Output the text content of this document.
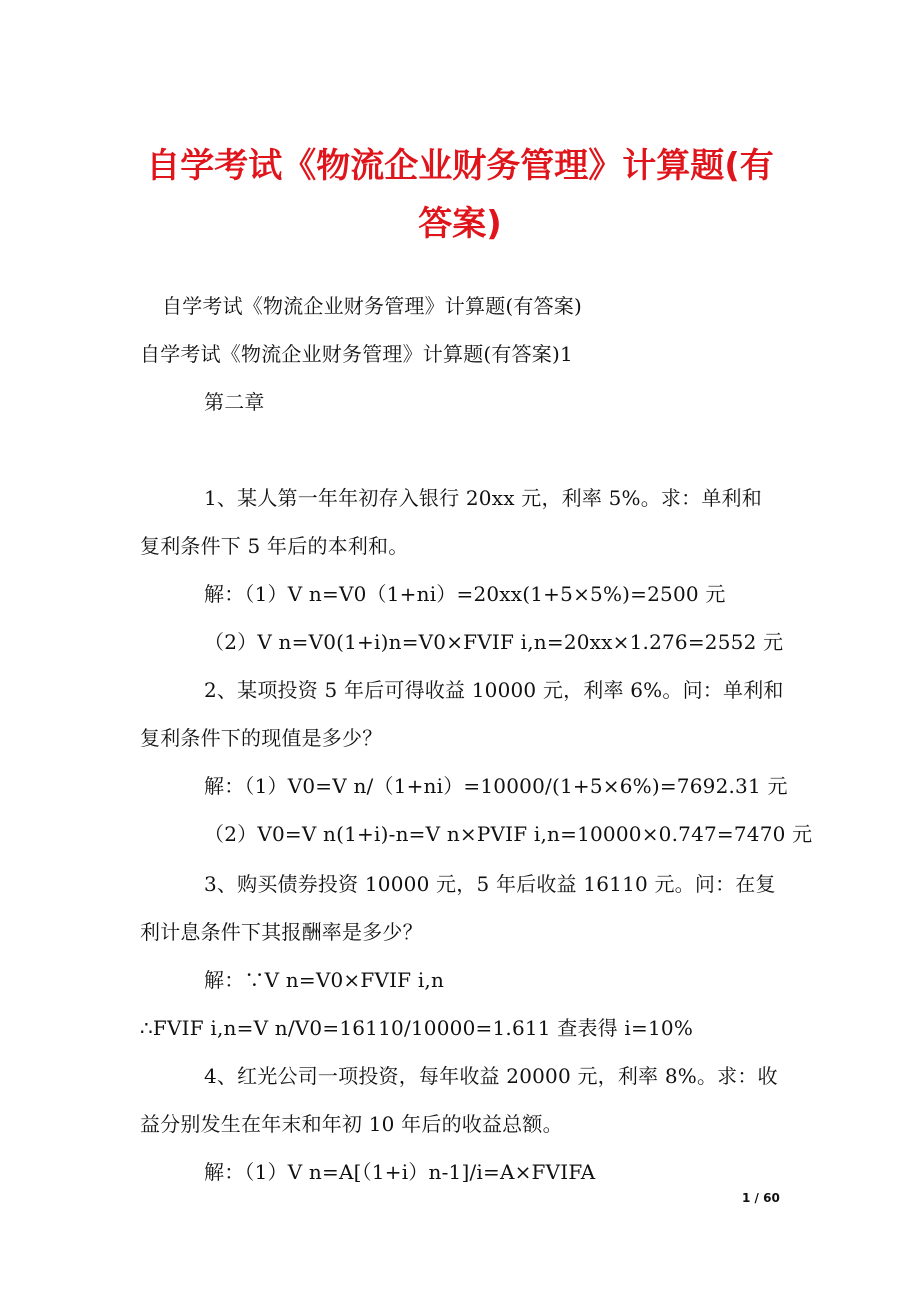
自学考试《物流企业财务管理》计算题(有
答案)
自学考试《物流企业财务管理》计算题(有答案)
自学考试《物流企业财务管理》计算题(有答案)1
第二章
1、某人第一年年初存入银行 20xx 元，利率 5%。求：单利和
复利条件下 5 年后的本利和。
解：（1）V n=V0（1+ni）=20xx(1+5×5%)=2500 元
（2）V n=V0(1+i)n=V0×FVIF i,n=20xx×1.276=2552 元
2、某项投资 5 年后可得收益 10000 元，利率 6%。问：单利和
复利条件下的现值是多少？
解：（1）V0=V n/（1+ni）=10000/(1+5×6%)=7692.31 元
（2）V0=V n(1+i)-n=V n×PVIF i,n=10000×0.747=7470 元
3、购买债券投资 10000 元，5 年后收益 16110 元。问：在复
利计息条件下其报酬率是多少？
解：∵V n=V0×FVIF i,n
∴FVIF i,n=V n/V0=16110/10000=1.611 查表得 i=10%
4、红光公司一项投资，每年收益 20000 元，利率 8%。求：收
益分别发生在年末和年初 10 年后的收益总额。
解：（1）V n=A[（1+i）n-1]/i=A×FVIFA
1 / 60
